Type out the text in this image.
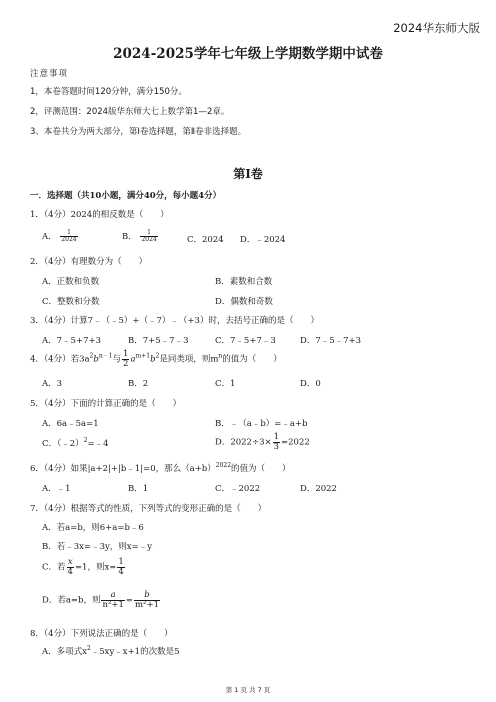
2024华东师大版
2024-2025学年七年级上学期数学期中试卷
注意事项
1，本卷答题时间120分钟，满分150分。
2，评测范围：2024版华东师大七上数学第1—2章。
3、本卷共分为两大部分，第Ⅰ卷选择题，第Ⅱ卷非选择题。
第Ⅰ卷
一．选择题（共10小题，满分40分，每小题4分）
1．（4分）2024的相反数是（　　）
A． $\frac{1}{2024}$	B． $\frac{1}{2024}$	C．2024 D．﹣2024
2．（4分）有理数分为（　　）
A．正数和负数	B．素数和合数
C．整数和分数	D．偶数和奇数
3．（4分）计算7﹣（﹣5）+（﹣7）﹣（+3）时，去括号正确的是（　　）
A．7﹣5+7+3	B．7+5﹣7﹣3	C．7﹣5+7﹣3	D．7﹣5﹣7+3
4．（4分）若$3a^2b^{n﹣1}$与 $\frac{1}{2} a^{m+1}b^2$是同类项，则$m^n$的值为（　　）
A．3	B．2	C．1	D．0
5．（4分）下面的计算正确的是（　　）
A．6a﹣5a=1	B．﹣（a﹣b）=﹣a+b
C．（﹣2）$^2$=﹣4	D．$2022\div 3\times \frac{1}{3} =2022$
6．（4分）如果|a+2|+|b﹣1|=0，那么$(a+b)^{2022}$的值为（　　）
A．﹣1	B．1	C．﹣2022	D．2022
7．（4分）根据等式的性质，下列等式的变形正确的是（　　）
A．若a=b，则6+a=b﹣6
B．若﹣3x=﹣3y，则x=﹣y
C．若 $\frac{x}{4} =1$，则$x= \frac{1}{4}$
D．若a=b，则 $\frac{a}{\text{n²+1}} = \frac{b}{\text{m²+1}}$
8．（4分）下列说法正确的是（　　）
A．多项式$x^2﹣5xy﹣x+1$的次数是5
第 1 页 共 7 页
